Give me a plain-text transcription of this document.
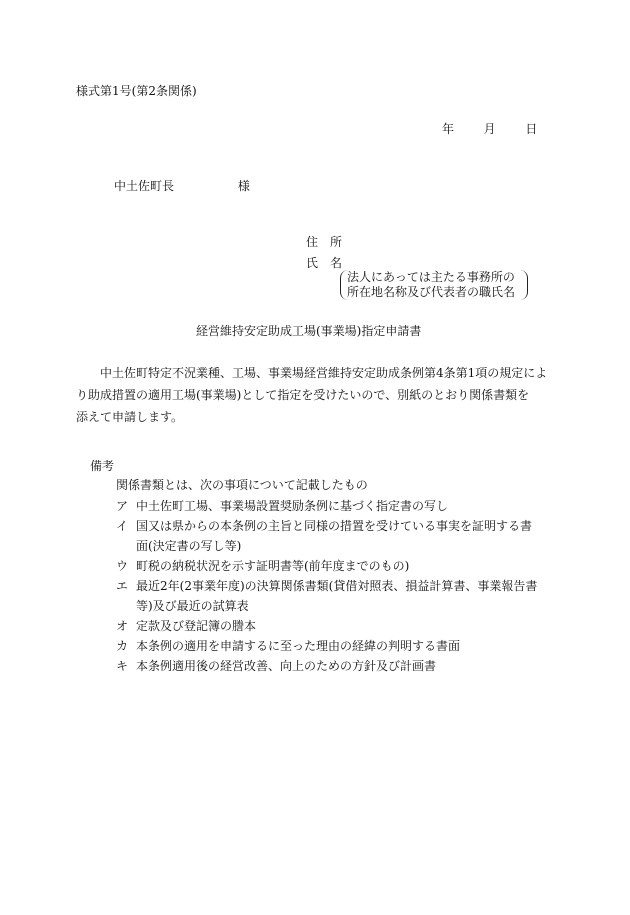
様式第1号(第2条関係)
年 月 日
中土佐町長	様
住 所
氏 名
法人にあっては主たる事務所の
所在地名称及び代表者の職氏名
経営維持安定助成工場(事業場)指定申請書
中土佐町特定不況業種、工場、事業場経営維持安定助成条例第4条第1項の規定によ
り助成措置の適用工場(事業場)として指定を受けたいので、別紙のとおり関係書類を
添えて申請します。
備考
関係書類とは、次の事項について記載したもの
ア 中土佐町工場、事業場設置奨励条例に基づく指定書の写し
イ 国又は県からの本条例の主旨と同様の措置を受けている事実を証明する書
面(決定書の写し等)
ウ 町税の納税状況を示す証明書等(前年度までのもの)
エ 最近2年(2事業年度)の決算関係書類(貸借対照表、損益計算書、事業報告書
等)及び最近の試算表
オ 定款及び登記簿の謄本
カ 本条例の適用を申請するに至った理由の経緯の判明する書面
キ 本条例適用後の経営改善、向上のための方針及び計画書
